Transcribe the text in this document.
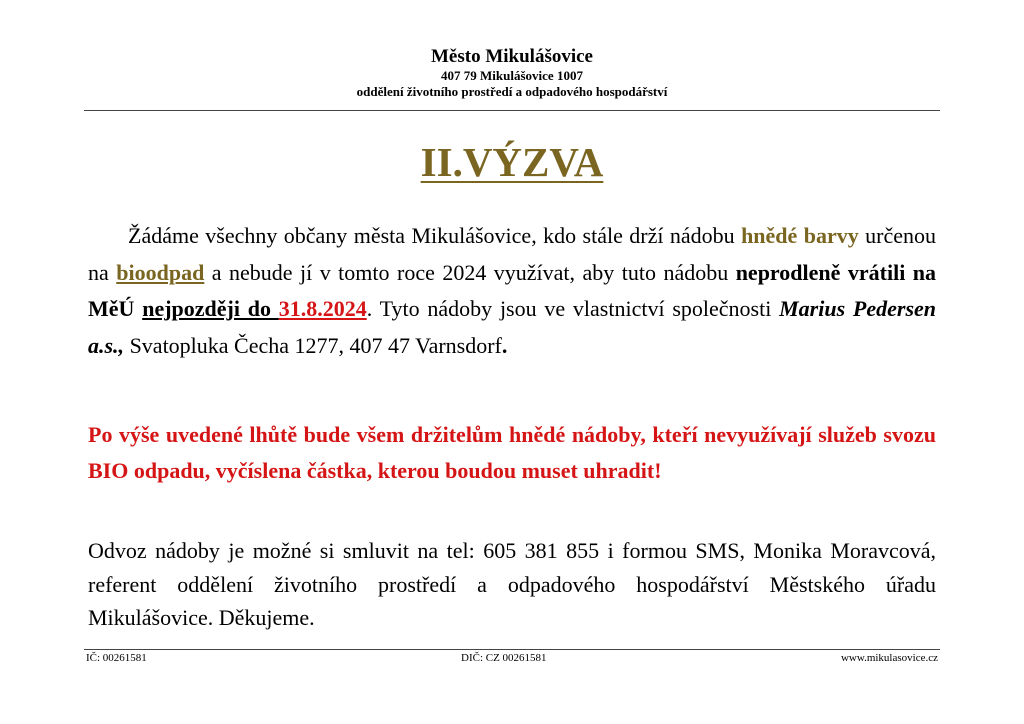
Město Mikulášovice
407 79 Mikulášovice 1007
oddělení životního prostředí a odpadového hospodářství
II.VÝZVA
Žádáme všechny občany města Mikulášovice, kdo stále drží nádobu hnědé barvy určenou na bioodpad a nebude jí v tomto roce 2024 využívat, aby tuto nádobu neprodleně vrátili na MěÚ nejpozději do 31.8.2024. Tyto nádoby jsou ve vlastnictví společnosti Marius Pedersen a.s., Svatopluka Čecha 1277, 407 47 Varnsdorf.
Po výše uvedené lhůtě bude všem držitelům hnědé nádoby, kteří nevyužívají služeb svozu BIO odpadu, vyčíslena částka, kterou boudou muset uhradit!
Odvoz nádoby je možné si smluvit na tel: 605 381 855 i formou SMS, Monika Moravcová, referent oddělení životního prostředí a odpadového hospodářství Městského úřadu Mikulášovice. Děkujeme.
IČ: 00261581	DIČ: CZ 00261581	www.mikulasovice.cz
